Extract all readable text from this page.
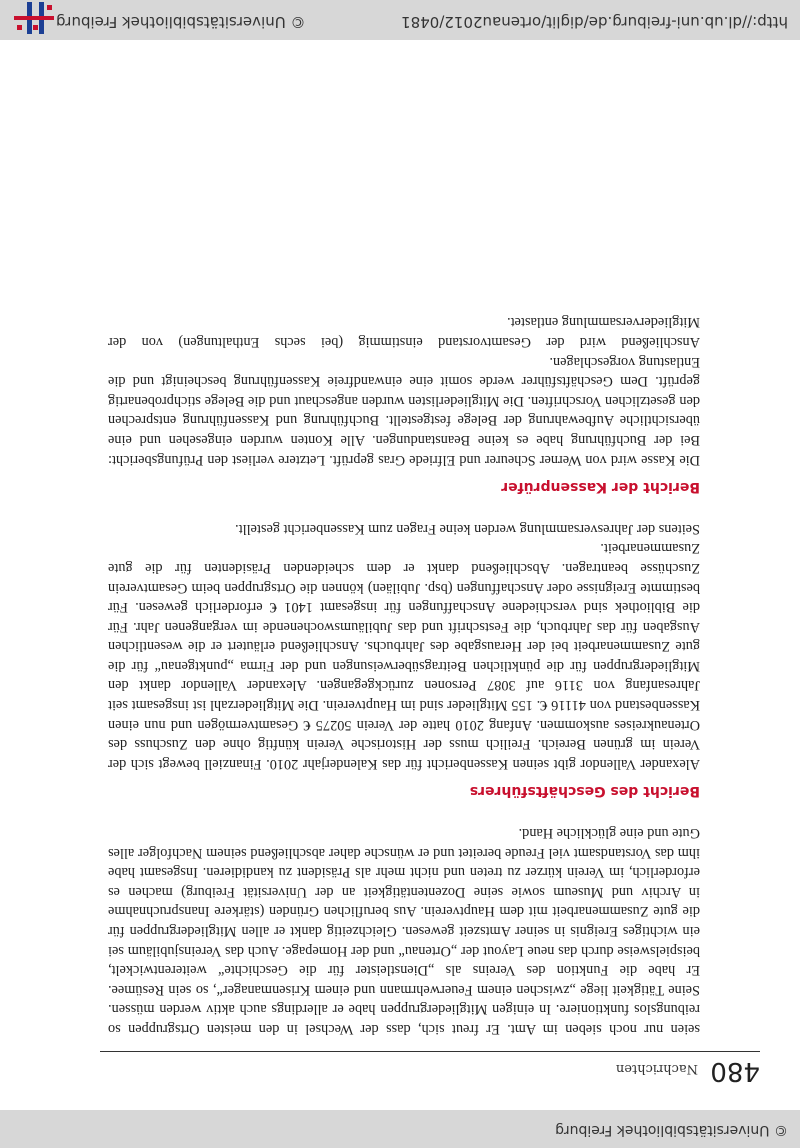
© Universitätsbibliothek Freiburg
480
Nachrichten

seien nur noch sieben im Amt. Er freut sich, dass der Wechsel in den meisten Ortsgruppen so reibungslos funktioniere. In einigen Mitgliedergruppen habe er allerdings auch aktiv werden müssen. Seine Tätigkeit liege „zwischen einem Feuerwehrmann und einem Krisenmanager“, so sein Resümee. Er habe die Funktion des Vereins als „Dienstleister für die Geschichte“ weiterentwickelt, beispielsweise durch das neue Layout der „Ortenau“ und der Homepage. Auch das Vereinsjubiläum sei ein wichtiges Ereignis in seiner Amtszeit gewesen. Gleichzeitig dankt er allen Mitgliedergruppen für die gute Zusammenarbeit mit dem Hauptverein. Aus beruflichen Gründen (stärkere Inanspruchnahme in Archiv und Museum sowie seine Dozententätigkeit an der Universität Freiburg) machen es erforderlich, im Verein kürzer zu treten und nicht mehr als Präsident zu kandidieren. Insgesamt habe ihm das Vorstandsamt viel Freude bereitet und er wünsche daher abschließend seinem Nachfolger alles Gute und eine glückliche Hand.

Bericht des Geschäftsführers

Alexander Vallendor gibt seinen Kassenbericht für das Kalenderjahr 2010. Finanziell bewegt sich der Verein im grünen Bereich. Freilich muss der Historische Verein künftig ohne den Zuschuss des Ortenaukreises auskommen. Anfang 2010 hatte der Verein 50275 € Gesamtvermögen und nun einen Kassenbestand von 41116 €. 155 Mitglieder sind im Hauptverein. Die Mitgliederzahl ist insgesamt seit Jahresanfang von 3116 auf 3087 Personen zurückgegangen. Alexander Vallendor dankt den Mitgliedergruppen für die pünktlichen Beitragsüberweisungen und der Firma „punktgenau“ für die gute Zusammenarbeit bei der Herausgabe des Jahrbuchs. Anschließend erläutert er die wesentlichen Ausgaben für das Jahrbuch, die Festschrift und das Jubiläumswochenende im vergangenen Jahr. Für die Bibliothek sind verschiedene Anschaffungen für insgesamt 1401 € erforderlich gewesen. Für bestimmte Ereignisse oder Anschaffungen (bsp. Jubiläen) können die Ortsgruppen beim Gesamtverein Zuschüsse beantragen. Abschließend dankt er dem scheidenden Präsidenten für die gute Zusammenarbeit.

Seitens der Jahresversammlung werden keine Fragen zum Kassenbericht gestellt.

Bericht der Kassenprüfer

Die Kasse wird von Werner Scheurer und Elfriede Gras geprüft. Letztere verliest den Prüfungsbericht: Bei der Buchführung habe es keine Beanstandungen. Alle Konten wurden eingesehen und eine übersichtliche Aufbewahrung der Belege festgestellt. Buchführung und Kassenführung entsprechen den gesetzlichen Vorschriften. Die Mitgliederlisten wurden angeschaut und die Belege stichprobenartig geprüft. Dem Geschäftsführer werde somit eine einwandfreie Kassenführung bescheinigt und die Entlastung vorgeschlagen.

Anschließend wird der Gesamtvorstand einstimmig (bei sechs Enthaltungen) von der Mitgliederversammlung entlastet.

http://dl.ub.uni-freiburg.de/diglit/ortenau2012/0481
© Universitätsbibliothek Freiburg
